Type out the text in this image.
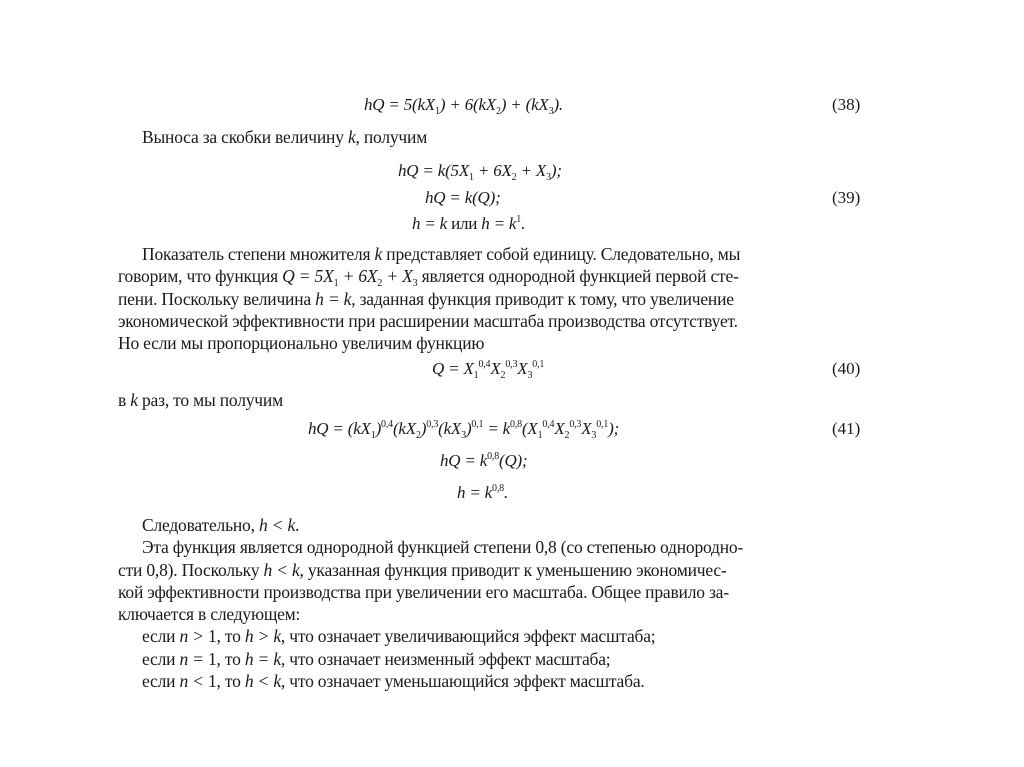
hQ = $5(kX_1) + 6(kX_2) + (kX_3)$.	(38)
Выноса за скобки величину k, получим
hQ = $k(5X_1 + 6X_2 + X_3)$;
hQ = k(Q);	(39)
h = k или $h = k^1$.
Показатель степени множителя k представляет собой единицу. Следовательно, мы
говорим, что функция $Q = 5X_1 + 6X_2 + X_3$ является однородной функцией первой сте-
пени. Поскольку величина h = k, заданная функция приводит к тому, что увеличение
экономической эффективности при расширении масштаба производства отсутствует.
Но если мы пропорционально увеличим функцию
$Q = X_1^{0,4}X_2^{0,3}X_3^{0,1}$	(40)
в k раз, то мы получим
hQ = $(kX_1)^{0,4}(kX_2)^{0,3}(kX_3)^{0,1} = k^{0,8}(X_1^{0,4}X_2^{0,3}X_3^{0,1})$;	(41)
hQ = $k^{0,8}(Q)$;
$h = k^{0,8}$.
Следовательно, h < k.
Эта функция является однородной функцией степени 0,8 (со степенью однородно-
сти 0,8). Поскольку h < k, указанная функция приводит к уменьшению экономичес-
кой эффективности производства при увеличении его масштаба. Общее правило за-
ключается в следующем:
если n > 1, то h > k, что означает увеличивающийся эффект масштаба;
если n = 1, то h = k, что означает неизменный эффект масштаба;
если n < 1, то h < k, что означает уменьшающийся эффект масштаба.
